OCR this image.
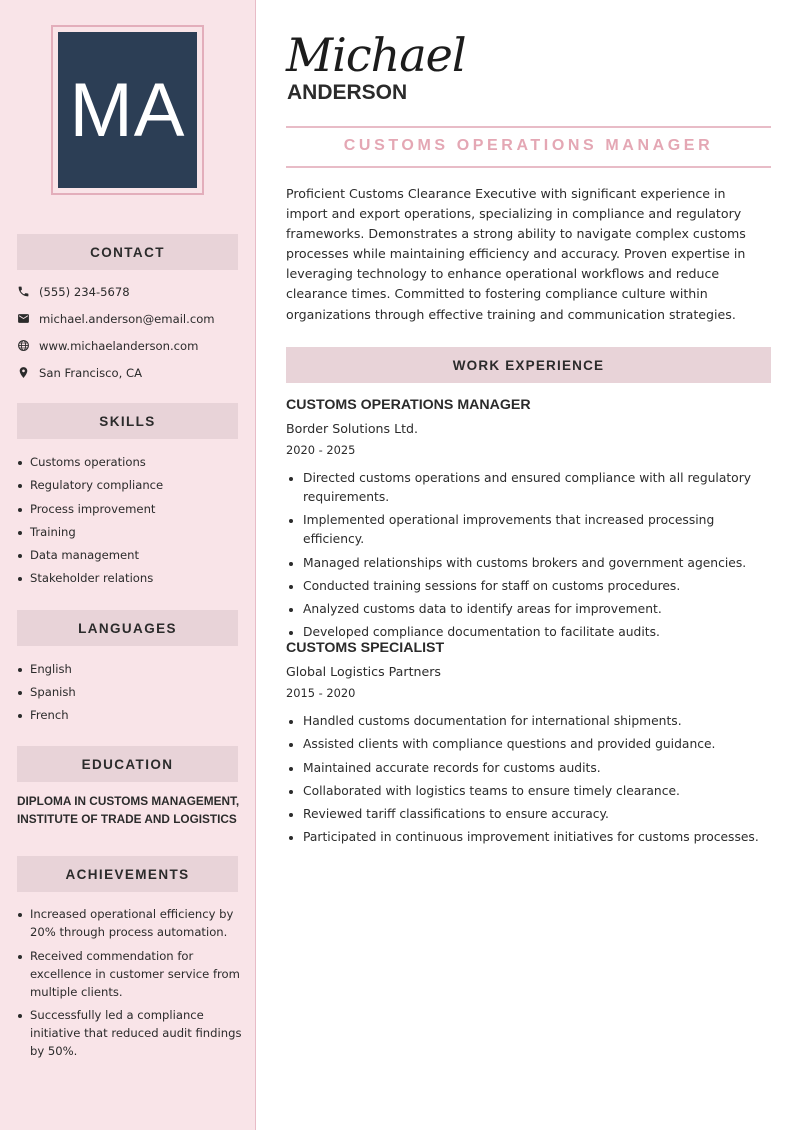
MA
CONTACT
(555) 234-5678
michael.anderson@email.com
www.michaelanderson.com
San Francisco, CA
SKILLS
Customs operations
Regulatory compliance
Process improvement
Training
Data management
Stakeholder relations
LANGUAGES
English
Spanish
French
EDUCATION
DIPLOMA IN CUSTOMS MANAGEMENT,
INSTITUTE OF TRADE AND LOGISTICS
ACHIEVEMENTS
Increased operational efficiency by 20% through process automation.
Received commendation for excellence in customer service from multiple clients.
Successfully led a compliance initiative that reduced audit findings by 50%.
Michael
ANDERSON
CUSTOMS OPERATIONS MANAGER

Proficient Customs Clearance Executive with significant experience in import and export operations, specializing in compliance and regulatory frameworks. Demonstrates a strong ability to navigate complex customs processes while maintaining efficiency and accuracy. Proven expertise in leveraging technology to enhance operational workflows and reduce clearance times. Committed to fostering compliance culture within organizations through effective training and communication strategies.

WORK EXPERIENCE
CUSTOMS OPERATIONS MANAGER
Border Solutions Ltd.
2020 - 2025
Directed customs operations and ensured compliance with all regulatory requirements.
Implemented operational improvements that increased processing efficiency.
Managed relationships with customs brokers and government agencies.
Conducted training sessions for staff on customs procedures.
Analyzed customs data to identify areas for improvement.
Developed compliance documentation to facilitate audits.
CUSTOMS SPECIALIST
Global Logistics Partners
2015 - 2020
Handled customs documentation for international shipments.
Assisted clients with compliance questions and provided guidance.
Maintained accurate records for customs audits.
Collaborated with logistics teams to ensure timely clearance.
Reviewed tariff classifications to ensure accuracy.
Participated in continuous improvement initiatives for customs processes.
